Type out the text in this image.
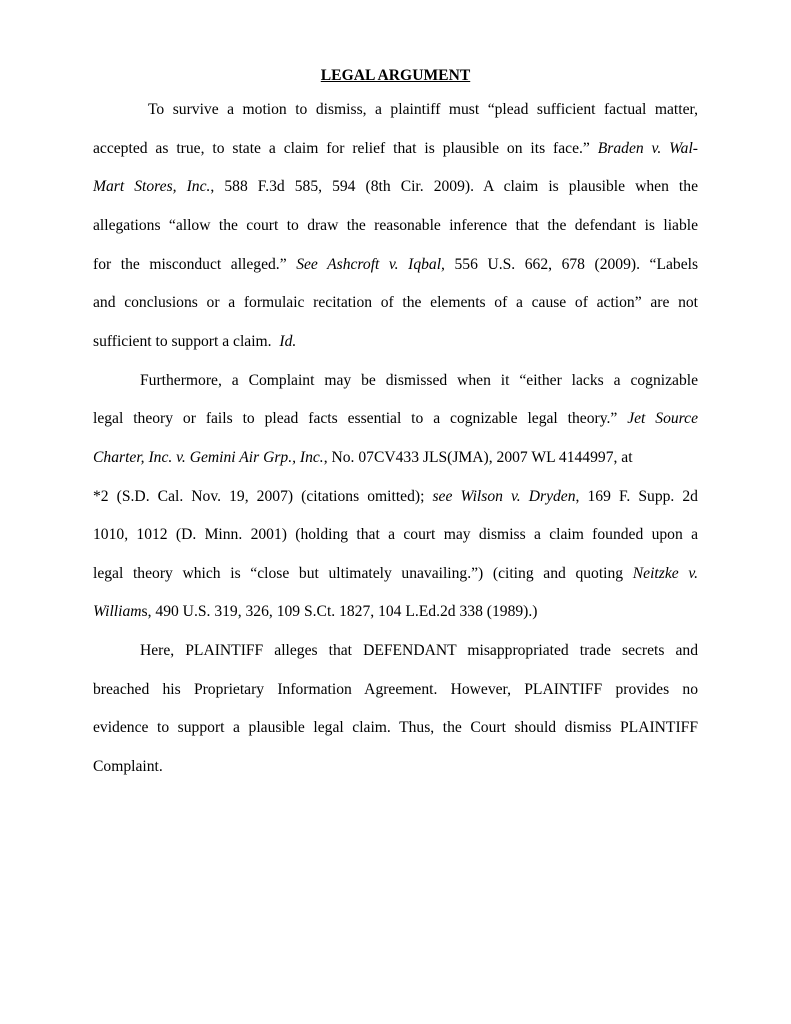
LEGAL ARGUMENT
To survive a motion to dismiss, a plaintiff must “plead sufficient factual matter,
accepted as true, to state a claim for relief that is plausible on its face.” Braden v. Wal-
Mart Stores, Inc., 588 F.3d 585, 594 (8th Cir. 2009). A claim is plausible when the
allegations “allow the court to draw the reasonable inference that the defendant is liable
for the misconduct alleged.” See Ashcroft v. Iqbal, 556 U.S. 662, 678 (2009). “Labels
and conclusions or a formulaic recitation of the elements of a cause of action” are not
sufficient to support a claim.  Id.
Furthermore, a Complaint may be dismissed when it “either lacks a cognizable
legal theory or fails to plead facts essential to a cognizable legal theory.” Jet Source
Charter, Inc. v. Gemini Air Grp., Inc., No. 07CV433 JLS(JMA), 2007 WL 4144997, at
*2 (S.D. Cal. Nov. 19, 2007) (citations omitted); see Wilson v. Dryden, 169 F. Supp. 2d
1010, 1012 (D. Minn. 2001) (holding that a court may dismiss a claim founded upon a
legal theory which is “close but ultimately unavailing.”) (citing and quoting Neitzke v.
Williams, 490 U.S. 319, 326, 109 S.Ct. 1827, 104 L.Ed.2d 338 (1989).)
Here, PLAINTIFF alleges that DEFENDANT misappropriated trade secrets and
breached his Proprietary Information Agreement. However, PLAINTIFF provides no
evidence to support a plausible legal claim. Thus, the Court should dismiss PLAINTIFF
Complaint.
